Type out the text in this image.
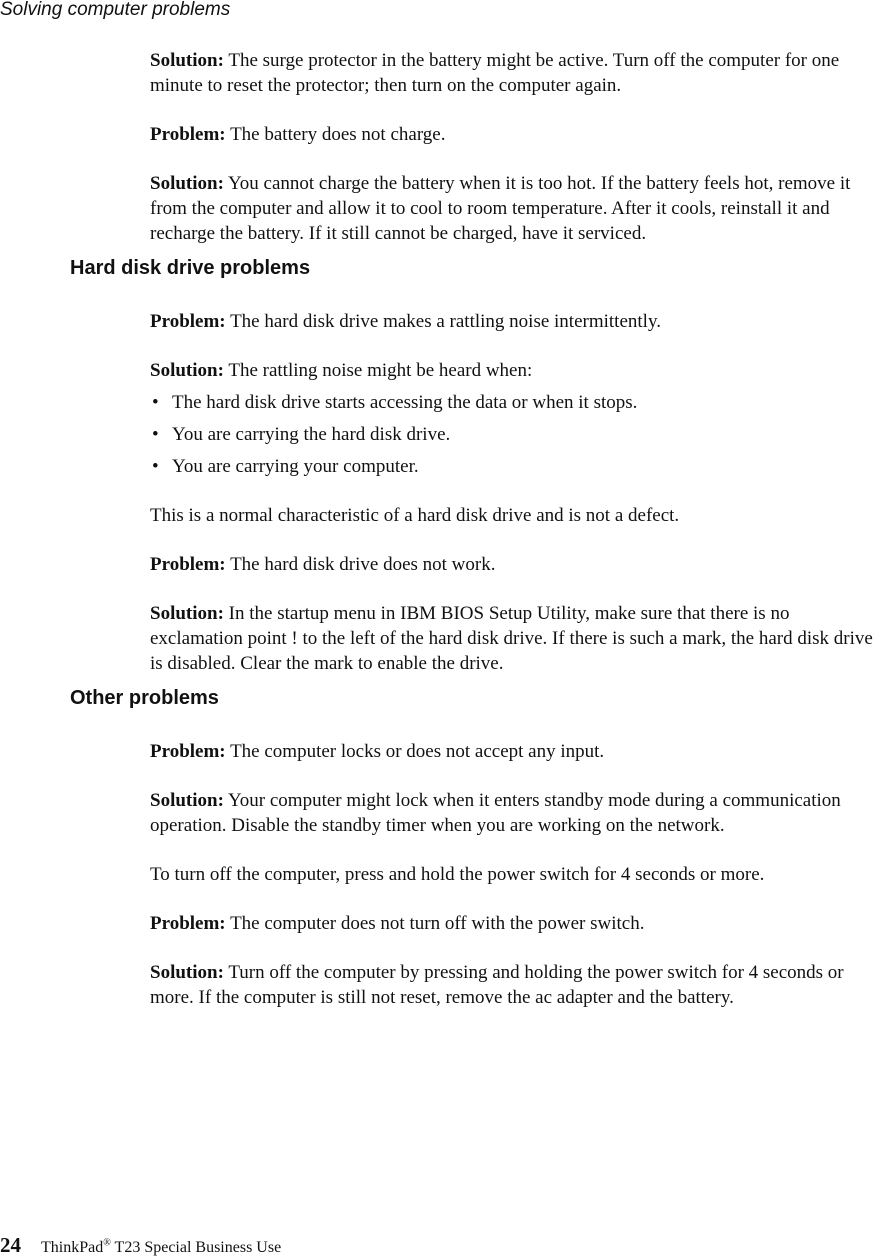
Solving computer problems

Solution: The surge protector in the battery might be active. Turn off the computer for one minute to reset the protector; then turn on the computer again.

Problem: The battery does not charge.

Solution: You cannot charge the battery when it is too hot. If the battery feels hot, remove it from the computer and allow it to cool to room temperature. After it cools, reinstall it and recharge the battery. If it still cannot be charged, have it serviced.

Hard disk drive problems

Problem: The hard disk drive makes a rattling noise intermittently.

Solution: The rattling noise might be heard when:

• The hard disk drive starts accessing the data or when it stops.
• You are carrying the hard disk drive.
• You are carrying your computer.

This is a normal characteristic of a hard disk drive and is not a defect.

Problem: The hard disk drive does not work.

Solution: In the startup menu in IBM BIOS Setup Utility, make sure that there is no exclamation point ! to the left of the hard disk drive. If there is such a mark, the hard disk drive is disabled. Clear the mark to enable the drive.

Other problems

Problem: The computer locks or does not accept any input.

Solution: Your computer might lock when it enters standby mode during a communication operation. Disable the standby timer when you are working on the network.

To turn off the computer, press and hold the power switch for 4 seconds or more.

Problem: The computer does not turn off with the power switch.

Solution: Turn off the computer by pressing and holding the power switch for 4 seconds or more. If the computer is still not reset, remove the ac adapter and the battery.

24 ThinkPad® T23 Special Business Use
